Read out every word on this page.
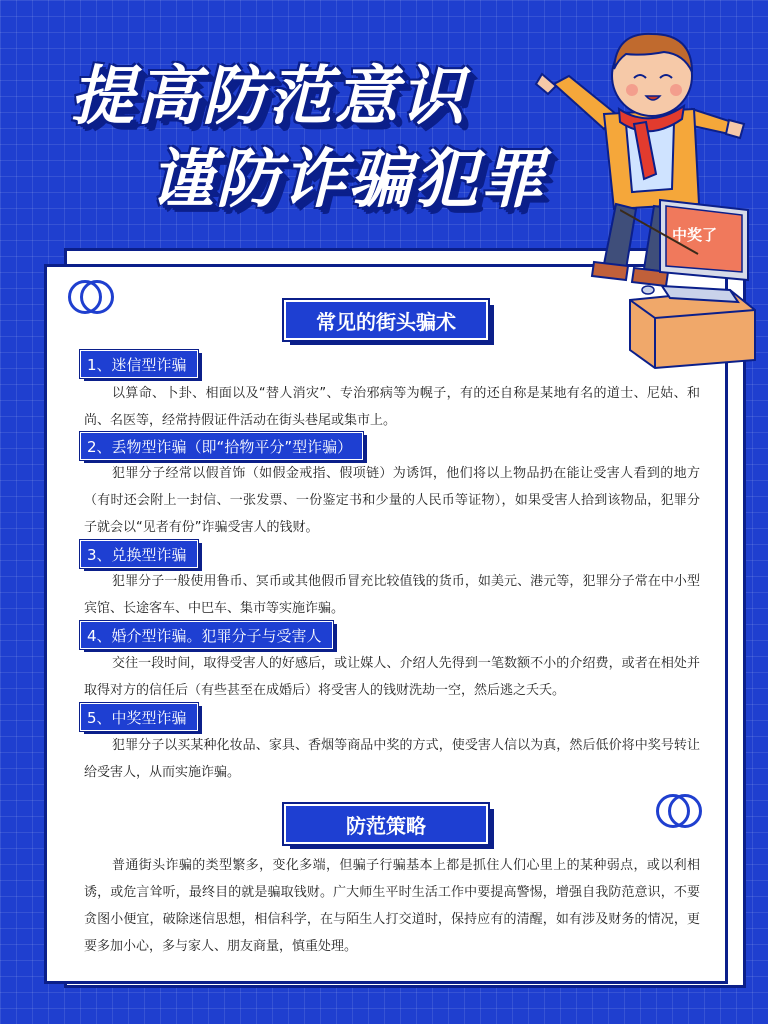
提高防范意识
谨防诈骗犯罪
常见的街头骗术
1、迷信型诈骗
以算命、卜卦、相面以及“替人消灾”、专治邪病等为幌子，有的还自称是某地有名的道士、尼姑、和尚、名医等，经常持假证件活动在街头巷尾或集市上。
2、丢物型诈骗（即“拾物平分”型诈骗）
犯罪分子经常以假首饰（如假金戒指、假项链）为诱饵，他们将以上物品扔在能让受害人看到的地方（有时还会附上一封信、一张发票、一份鉴定书和少量的人民币等证物），如果受害人拾到该物品，犯罪分子就会以“见者有份”诈骗受害人的钱财。
3、兑换型诈骗
犯罪分子一般使用鲁币、冥币或其他假币冒充比较值钱的货币，如美元、港元等，犯罪分子常在中小型宾馆、长途客车、中巴车、集市等实施诈骗。
4、婚介型诈骗。犯罪分子与受害人
交往一段时间，取得受害人的好感后，或让媒人、介绍人先得到一笔数额不小的介绍费，或者在相处并取得对方的信任后（有些甚至在成婚后）将受害人的钱财洗劫一空，然后逃之夭夭。
5、中奖型诈骗
犯罪分子以买某种化妆品、家具、香烟等商品中奖的方式，使受害人信以为真，然后低价将中奖号转让给受害人，从而实施诈骗。
防范策略
普通街头诈骗的类型繁多，变化多端，但骗子行骗基本上都是抓住人们心里上的某种弱点，或以利相诱，或危言耸听，最终目的就是骗取钱财。广大师生平时生活工作中要提高警惕，增强自我防范意识，不要贪图小便宜，破除迷信思想，相信科学，在与陌生人打交道时，保持应有的清醒，如有涉及财务的情况，更要多加小心，多与家人、朋友商量，慎重处理。
中奖了
